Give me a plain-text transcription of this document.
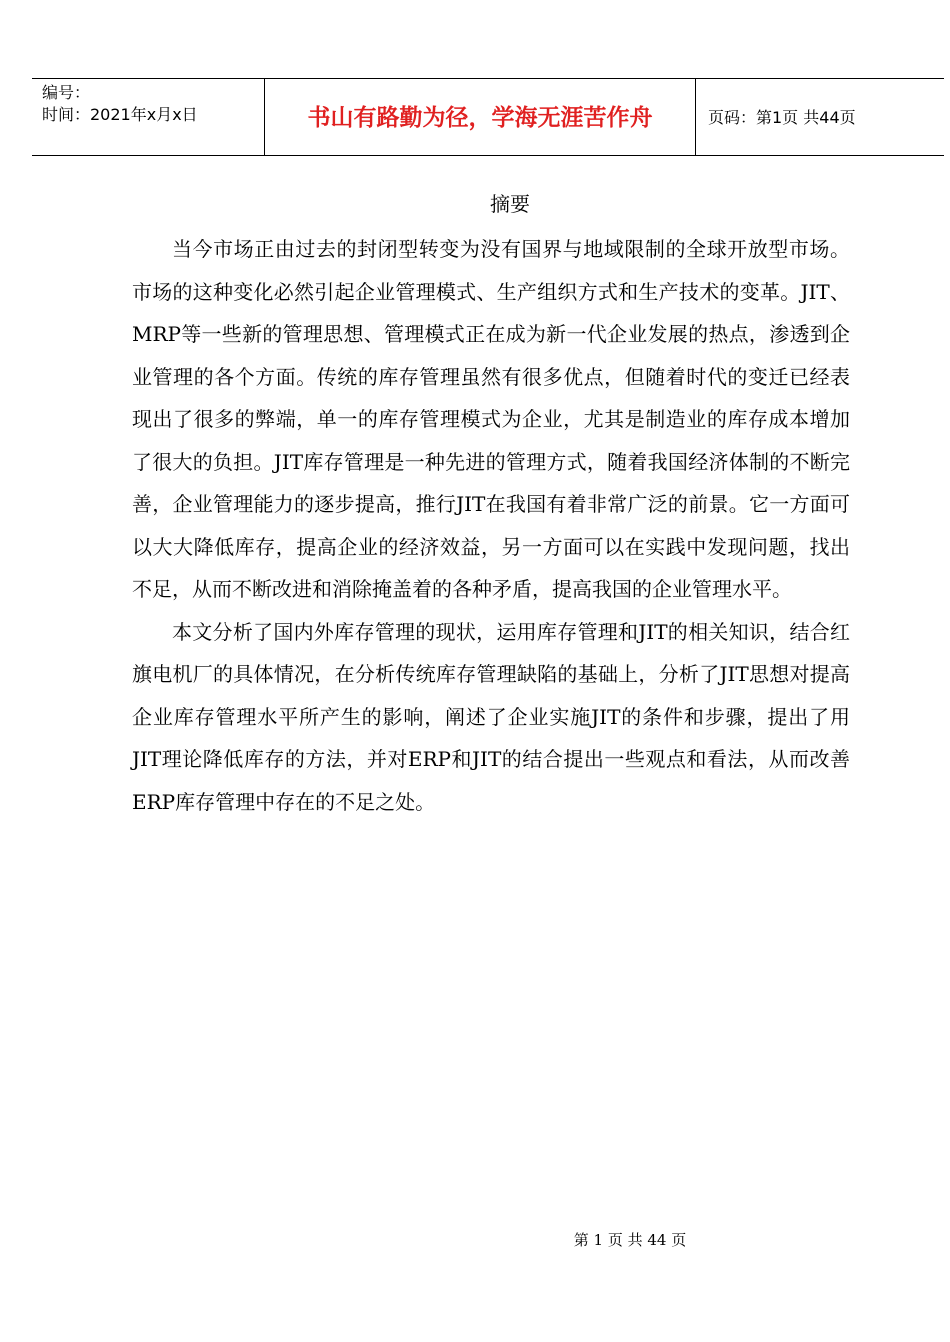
编号：
时间：2021年x月x日	书山有路勤为径，学海无涯苦作舟	页码：第1页 共44页
摘要

当今市场正由过去的封闭型转变为没有国界与地域限制的全球开放型市场。市场的这种变化必然引起企业管理模式、生产组织方式和生产技术的变革。JIT、MRP等一些新的管理思想、管理模式正在成为新一代企业发展的热点，渗透到企业管理的各个方面。传统的库存管理虽然有很多优点，但随着时代的变迁已经表现出了很多的弊端，单一的库存管理模式为企业，尤其是制造业的库存成本增加了很大的负担。JIT库存管理是一种先进的管理方式，随着我国经济体制的不断完善，企业管理能力的逐步提高，推行JIT在我国有着非常广泛的前景。它一方面可以大大降低库存，提高企业的经济效益，另一方面可以在实践中发现问题，找出不足，从而不断改进和消除掩盖着的各种矛盾，提高我国的企业管理水平。

本文分析了国内外库存管理的现状，运用库存管理和JIT的相关知识，结合红旗电机厂的具体情况，在分析传统库存管理缺陷的基础上，分析了JIT思想对提高企业库存管理水平所产生的影响，阐述了企业实施JIT的条件和步骤，提出了用JIT理论降低库存的方法，并对ERP和JIT的结合提出一些观点和看法，从而改善ERP库存管理中存在的不足之处。

第 1 页 共 44 页
